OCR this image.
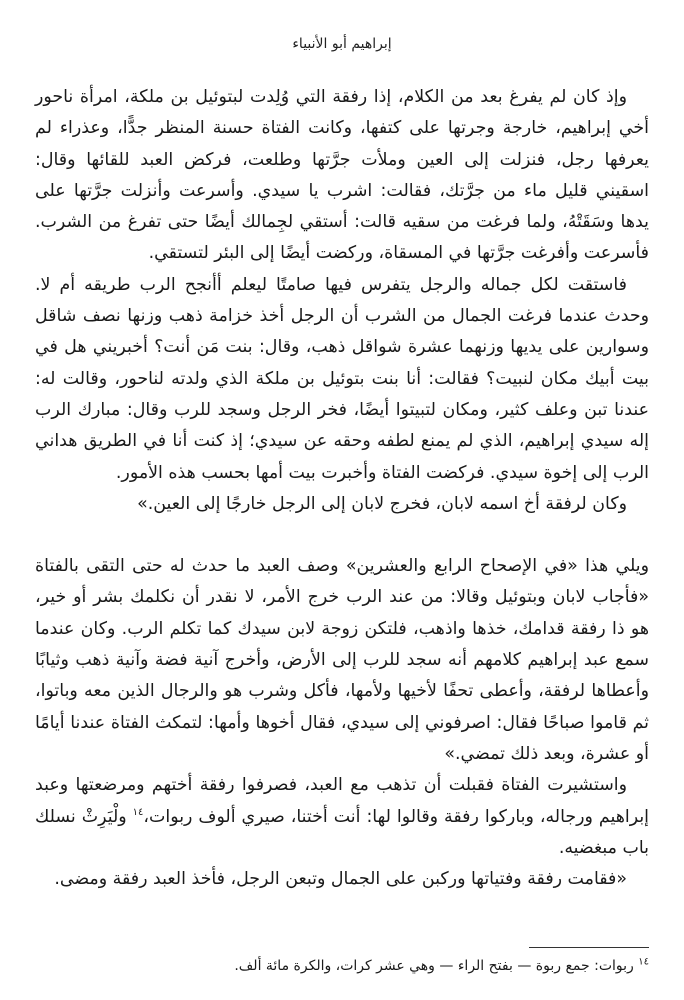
إبراهيم أبو الأنبياء

وإذ كان لم يفرغ بعد من الكلام، إذا رفقة التي وُلِدت لبتوئيل بن ملكة، امرأة ناحور أخي إبراهيم، خارجة وجرتها على كتفها، وكانت الفتاة حسنة المنظر جدًّا، وعذراء لم يعرفها رجل، فنزلت إلى العين وملأت جرَّتها وطلعت، فركض العبد للقائها وقال: اسقيني قليل ماء من جرَّتك، فقالت: اشرب يا سيدي. وأسرعت وأنزلت جرَّتها على يدها وسَقَتْهُ، ولما فرغت من سقيه قالت: أستقي لجِمالك أيضًا حتى تفرغ من الشرب. فأسرعت وأفرغت جرَّتها في المسقاة، وركضت أيضًا إلى البئر لتستقي.

فاستقت لكل جماله والرجل يتفرس فيها صامتًا ليعلم أأنجح الرب طريقه أم لا. وحدث عندما فرغت الجمال من الشرب أن الرجل أخذ خزامة ذهب وزنها نصف شاقل وسوارين على يديها وزنهما عشرة شواقل ذهب، وقال: بنت مَن أنت؟ أخبريني هل في بيت أبيك مكان لنبيت؟ فقالت: أنا بنت بتوئيل بن ملكة الذي ولدته لناحور، وقالت له: عندنا تبن وعلف كثير، ومكان لتبيتوا أيضًا، فخر الرجل وسجد للرب وقال: مبارك الرب إله سيدي إبراهيم، الذي لم يمنع لطفه وحقه عن سيدي؛ إذ كنت أنا في الطريق هداني الرب إلى إخوة سيدي. فركضت الفتاة وأخبرت بيت أمها بحسب هذه الأمور.

وكان لرفقة أخ اسمه لابان، فخرج لابان إلى الرجل خارجًا إلى العين.»

ويلي هذا «في الإصحاح الرابع والعشرين» وصف العبد ما حدث له حتى التقى بالفتاة «فأجاب لابان وبتوئيل وقالا: من عند الرب خرج الأمر، لا نقدر أن نكلمك بشر أو خير، هو ذا رفقة قدامك، خذها واذهب، فلتكن زوجة لابن سيدك كما تكلم الرب. وكان عندما سمع عبد إبراهيم كلامهم أنه سجد للرب إلى الأرض، وأخرج آنية فضة وآنية ذهب وثيابًا وأعطاها لرفقة، وأعطى تحفًا لأخيها ولأمها، فأكل وشرب هو والرجال الذين معه وباتوا، ثم قاموا صباحًا فقال: اصرفوني إلى سيدي، فقال أخوها وأمها: لتمكث الفتاة عندنا أيامًا أو عشرة، وبعد ذلك تمضي.»

واستشيرت الفتاة فقبلت أن تذهب مع العبد، فصرفوا رفقة أختهم ومرضعتها وعبد إبراهيم ورجاله، وباركوا رفقة وقالوا لها: أنت أختنا، صيري ألوف ربوات،$^{١٤}$ ولْيَرِثْ نسلك باب مبغضيه.

«فقامت رفقة وفتياتها وركبن على الجمال وتبعن الرجل، فأخذ العبد رفقة ومضى.

$^{١٤}$ ربوات: جمع ربوة — بفتح الراء — وهي عشر كرات، والكرة مائة ألف.
